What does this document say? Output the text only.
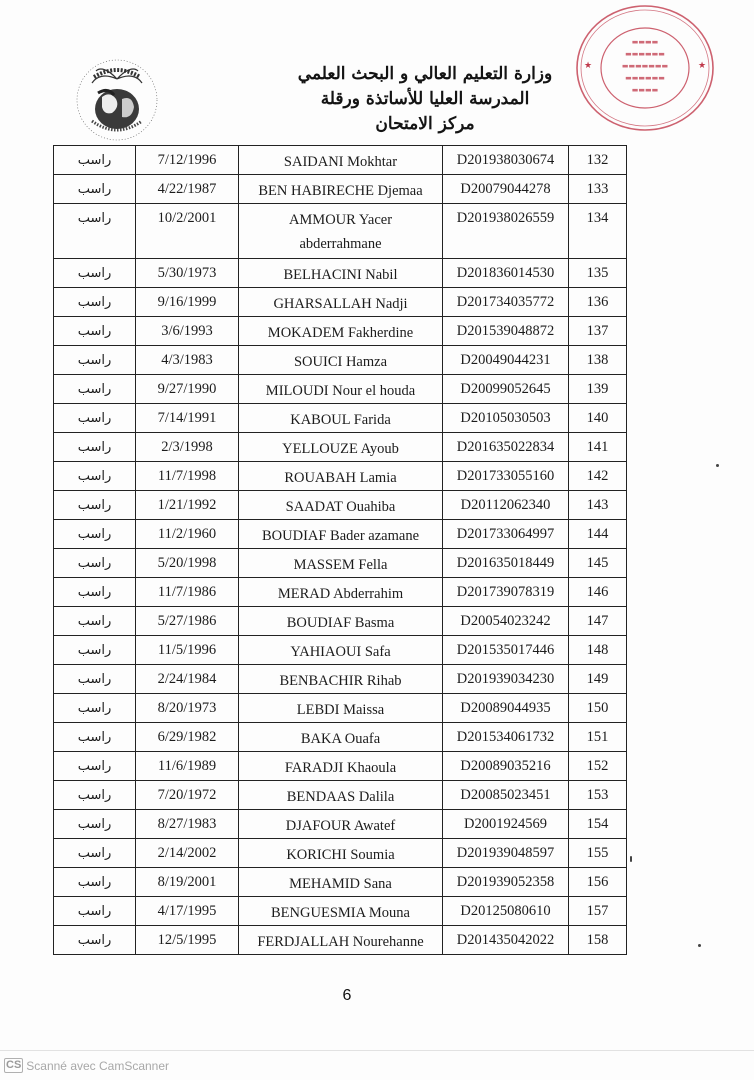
وزارة التعليم العالي و البحث العلمي
المدرسة العليا للأساتذة ورقلة
مركز الامتحان
★	★
▬▬▬▬
▬▬▬▬▬▬
▬▬▬▬▬▬▬
▬▬▬▬▬▬
▬▬▬▬
راسب	7/12/1996	SAIDANI Mokhtar	D201938030674	132
راسب	4/22/1987	BEN HABIRECHE Djemaa	D20079044278	133
راسب	10/2/2001	AMMOUR Yacer abderrahmane	D201938026559	134
راسب	5/30/1973	BELHACINI Nabil	D201836014530	135
راسب	9/16/1999	GHARSALLAH Nadji	D201734035772	136
راسب	3/6/1993	MOKADEM Fakherdine	D201539048872	137
راسب	4/3/1983	SOUICI Hamza	D20049044231	138
راسب	9/27/1990	MILOUDI Nour el houda	D20099052645	139
راسب	7/14/1991	KABOUL Farida	D20105030503	140
راسب	2/3/1998	YELLOUZE Ayoub	D201635022834	141
راسب	11/7/1998	ROUABAH Lamia	D201733055160	142
راسب	1/21/1992	SAADAT Ouahiba	D20112062340	143
راسب	11/2/1960	BOUDIAF Bader azamane	D201733064997	144
راسب	5/20/1998	MASSEM Fella	D201635018449	145
راسب	11/7/1986	MERAD Abderrahim	D201739078319	146
راسب	5/27/1986	BOUDIAF Basma	D20054023242	147
راسب	11/5/1996	YAHIAOUI Safa	D201535017446	148
راسب	2/24/1984	BENBACHIR Rihab	D201939034230	149
راسب	8/20/1973	LEBDI Maissa	D20089044935	150
راسب	6/29/1982	BAKA Ouafa	D201534061732	151
راسب	11/6/1989	FARADJI Khaoula	D20089035216	152
راسب	7/20/1972	BENDAAS Dalila	D20085023451	153
راسب	8/27/1983	DJAFOUR Awatef	D2001924569	154
راسب	2/14/2002	KORICHI Soumia	D201939048597	155
راسب	8/19/2001	MEHAMID Sana	D201939052358	156
راسب	4/17/1995	BENGUESMIA Mouna	D20125080610	157
راسب	12/5/1995	FERDJALLAH Nourehanne	D201435042022	158
6
CS Scanné avec CamScanner
